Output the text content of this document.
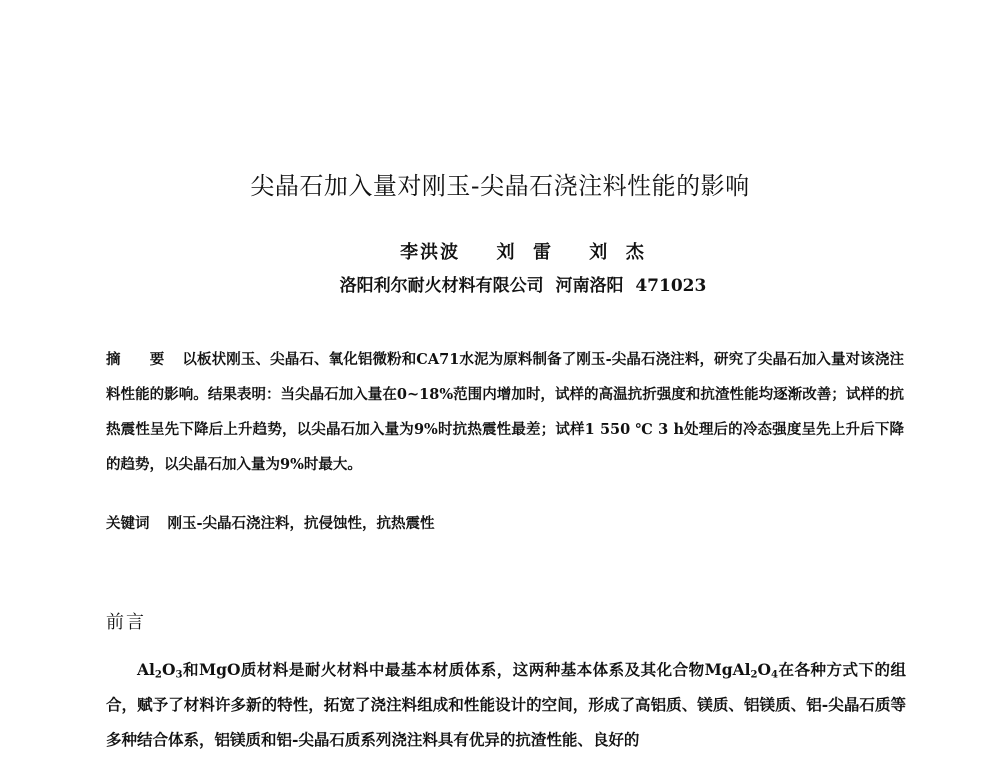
尖晶石加入量对刚玉-尖晶石浇注料性能的影响
李洪波 刘  雷 刘  杰
洛阳利尔耐火材料有限公司  河南洛阳  471023
摘 要 以板状刚玉、尖晶石、氧化铝微粉和CA71水泥为原料制备了刚玉-尖晶石浇注料，研究了尖晶石加入量对该浇注料性能的影响。结果表明：当尖晶石加入量在0~18%范围内增加时，试样的高温抗折强度和抗渣性能均逐渐改善；试样的抗热震性呈先下降后上升趋势，以尖晶石加入量为9%时抗热震性最差；试样1 550 ℃ 3 h处理后的冷态强度呈先上升后下降的趋势，以尖晶石加入量为9%时最大。
关键词 刚玉-尖晶石浇注料，抗侵蚀性，抗热震性
前言
$Al_2O_3$和MgO质材料是耐火材料中最基本材质体系，这两种基本体系及其化合物$MgAl_2O_4$在各种方式下的组合，赋予了材料许多新的特性，拓宽了浇注料组成和性能设计的空间，形成了高铝质、镁质、铝镁质、铝-尖晶石质等多种结合体系，铝镁质和铝-尖晶石质系列浇注料具有优异的抗渣性能、良好的
